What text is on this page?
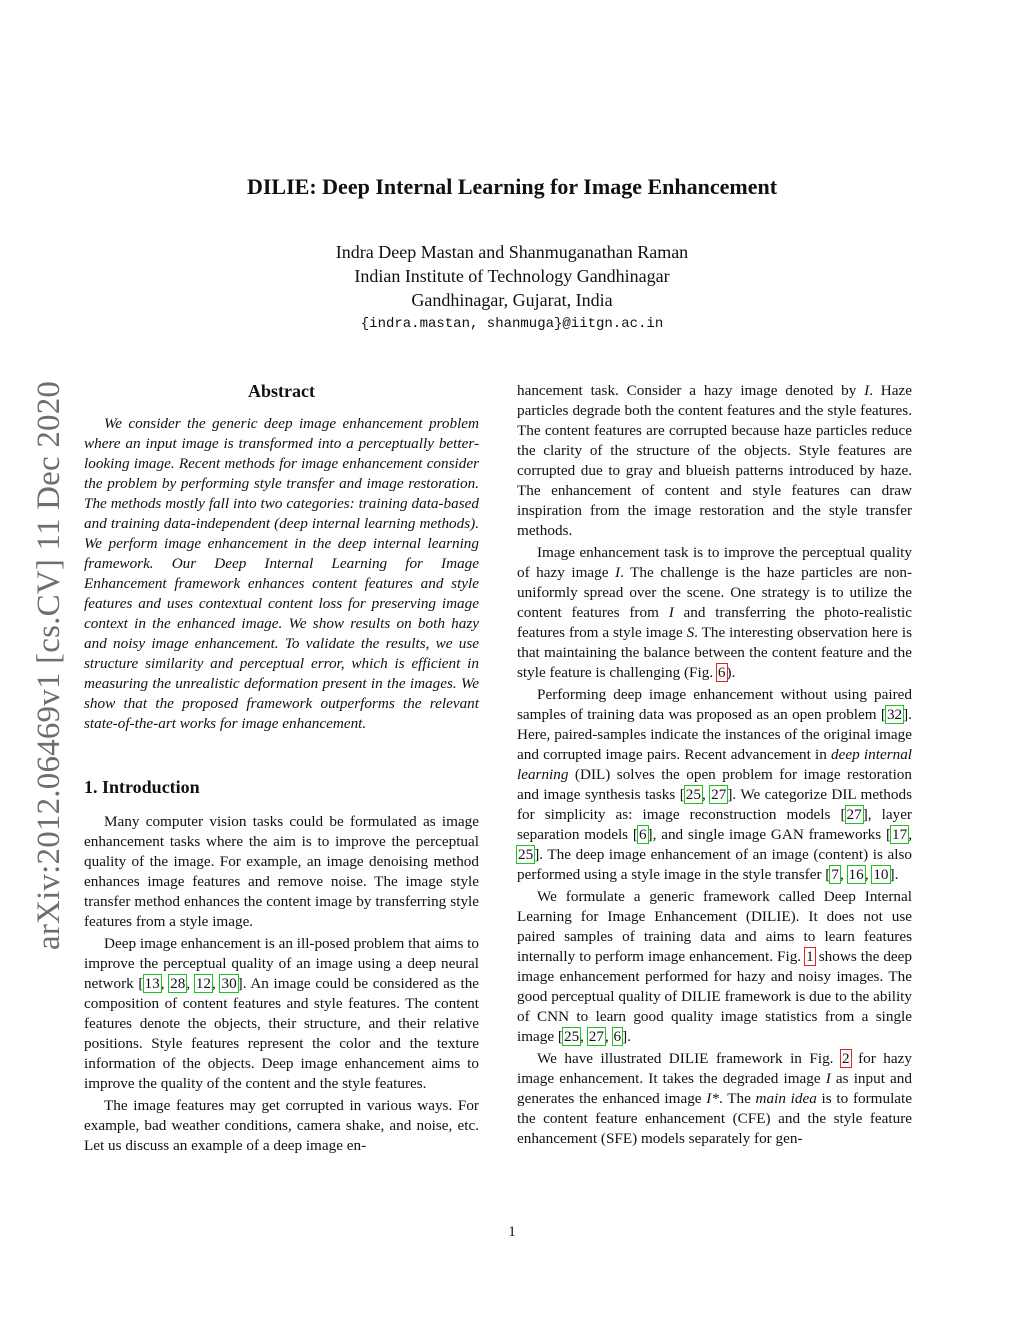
DILIE: Deep Internal Learning for Image Enhancement
Indra Deep Mastan and Shanmuganathan Raman
Indian Institute of Technology Gandhinagar
Gandhinagar, Gujarat, India
{indra.mastan, shanmuga}@iitgn.ac.in
arXiv:2012.06469v1 [cs.CV] 11 Dec 2020	Abstract

We consider the generic deep image enhancement problem where an input image is transformed into a perceptually better-looking image. Recent methods for image enhancement consider the problem by performing style transfer and image restoration. The methods mostly fall into two categories: training data-based and training data-independent (deep internal learning methods). We perform image enhancement in the deep internal learning framework. Our Deep Internal Learning for Image Enhancement framework enhances content features and style features and uses contextual content loss for preserving image context in the enhanced image. We show results on both hazy and noisy image enhancement. To validate the results, we use structure similarity and perceptual error, which is efficient in measuring the unrealistic deformation present in the images. We show that the proposed framework outperforms the relevant state-of-the-art works for image enhancement.

1. Introduction

Many computer vision tasks could be formulated as image enhancement tasks where the aim is to improve the perceptual quality of the image. For example, an image denoising method enhances image features and remove noise. The image style transfer method enhances the content image by transferring style features from a style image.

Deep image enhancement is an ill-posed problem that aims to improve the perceptual quality of an image using a deep neural network [13, 28, 12, 30]. An image could be considered as the composition of content features and style features. The content features denote the objects, their structure, and their relative positions. Style features represent the color and the texture information of the objects. Deep image enhancement aims to improve the quality of the content and the style features.

The image features may get corrupted in various ways. For example, bad weather conditions, camera shake, and noise, etc. Let us discuss an example of a deep image en-

hancement task. Consider a hazy image denoted by I. Haze particles degrade both the content features and the style features. The content features are corrupted because haze particles reduce the clarity of the structure of the objects. Style features are corrupted due to gray and blueish patterns introduced by haze. The enhancement of content and style features can draw inspiration from the image restoration and the style transfer methods.

Image enhancement task is to improve the perceptual quality of hazy image I. The challenge is the haze particles are non-uniformly spread over the scene. One strategy is to utilize the content features from I and transferring the photo-realistic features from a style image S. The interesting observation here is that maintaining the balance between the content feature and the style feature is challenging (Fig. 6).

Performing deep image enhancement without using paired samples of training data was proposed as an open problem [32]. Here, paired-samples indicate the instances of the original image and corrupted image pairs. Recent advancement in deep internal learning (DIL) solves the open problem for image restoration and image synthesis tasks [25, 27]. We categorize DIL methods for simplicity as: image reconstruction models [27], layer separation models [6], and single image GAN frameworks [17, 25]. The deep image enhancement of an image (content) is also performed using a style image in the style transfer [7, 16, 10].

We formulate a generic framework called Deep Internal Learning for Image Enhancement (DILIE). It does not use paired samples of training data and aims to learn features internally to perform image enhancement. Fig. 1 shows the deep image enhancement performed for hazy and noisy images. The good perceptual quality of DILIE framework is due to the ability of CNN to learn good quality image statistics from a single image [25, 27, 6].

We have illustrated DILIE framework in Fig. 2 for hazy image enhancement. It takes the degraded image I as input and generates the enhanced image I*. The main idea is to formulate the content feature enhancement (CFE) and the style feature enhancement (SFE) models separately for gen-

1
